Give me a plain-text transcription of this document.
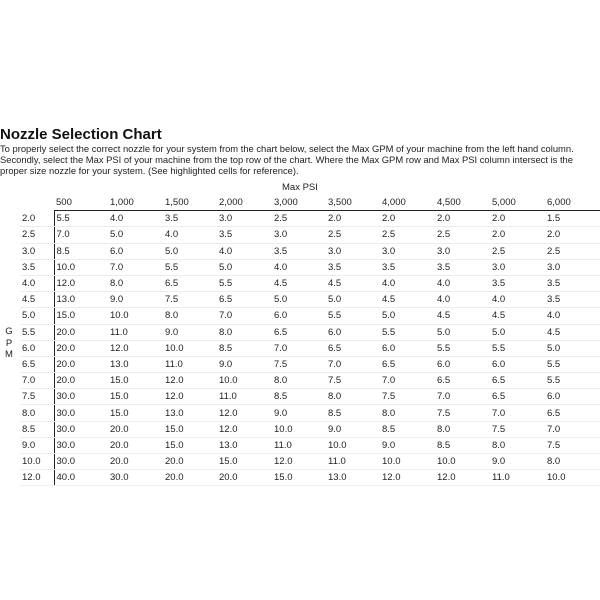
Nozzle Selection Chart
To properly select the correct nozzle for your system from the chart below, select the Max GPM of your machine from the left hand column. Secondly, select the Max PSI of your machine from the top row of the chart. Where the Max GPM row and Max PSI column intersect is the proper size nozzle for your system. (See highlighted cells for reference).
Max PSI
G
P
M
	500	1,000	1,500	2,000	3,000	3,500	4,000	4,500	5,000	6,000
2.0	5.5	4.0	3.5	3.0	2.5	2.0	2.0	2.0	2.0	1.5
2.5	7.0	5.0	4.0	3.5	3.0	2.5	2.5	2.5	2.0	2.0
3.0	8.5	6.0	5.0	4.0	3.5	3.0	3.0	3.0	2.5	2.5
3.5	10.0	7.0	5.5	5.0	4.0	3.5	3.5	3.5	3.0	3.0
4.0	12.0	8.0	6.5	5.5	4.5	4.5	4.0	4.0	3.5	3.5
4.5	13.0	9.0	7.5	6.5	5.0	5.0	4.5	4.0	4.0	3.5
5.0	15.0	10.0	8.0	7.0	6.0	5.5	5.0	4.5	4.5	4.0
5.5	20.0	11.0	9.0	8.0	6.5	6.0	5.5	5.0	5.0	4.5
6.0	20.0	12.0	10.0	8.5	7.0	6.5	6.0	5.5	5.5	5.0
6.5	20.0	13.0	11.0	9.0	7.5	7.0	6.5	6.0	6.0	5.5
7.0	20.0	15.0	12.0	10.0	8.0	7.5	7.0	6.5	6.5	5.5
7.5	30.0	15.0	12.0	11.0	8.5	8.0	7.5	7.0	6.5	6.0
8.0	30.0	15.0	13.0	12.0	9.0	8.5	8.0	7.5	7.0	6.5
8.5	30.0	20.0	15.0	12.0	10.0	9.0	8.5	8.0	7.5	7.0
9.0	30.0	20.0	15.0	13.0	11.0	10.0	9.0	8.5	8.0	7.5
10.0	30.0	20.0	20.0	15.0	12.0	11.0	10.0	10.0	9.0	8.0
12.0	40.0	30.0	20.0	20.0	15.0	13.0	12.0	12.0	11.0	10.0
